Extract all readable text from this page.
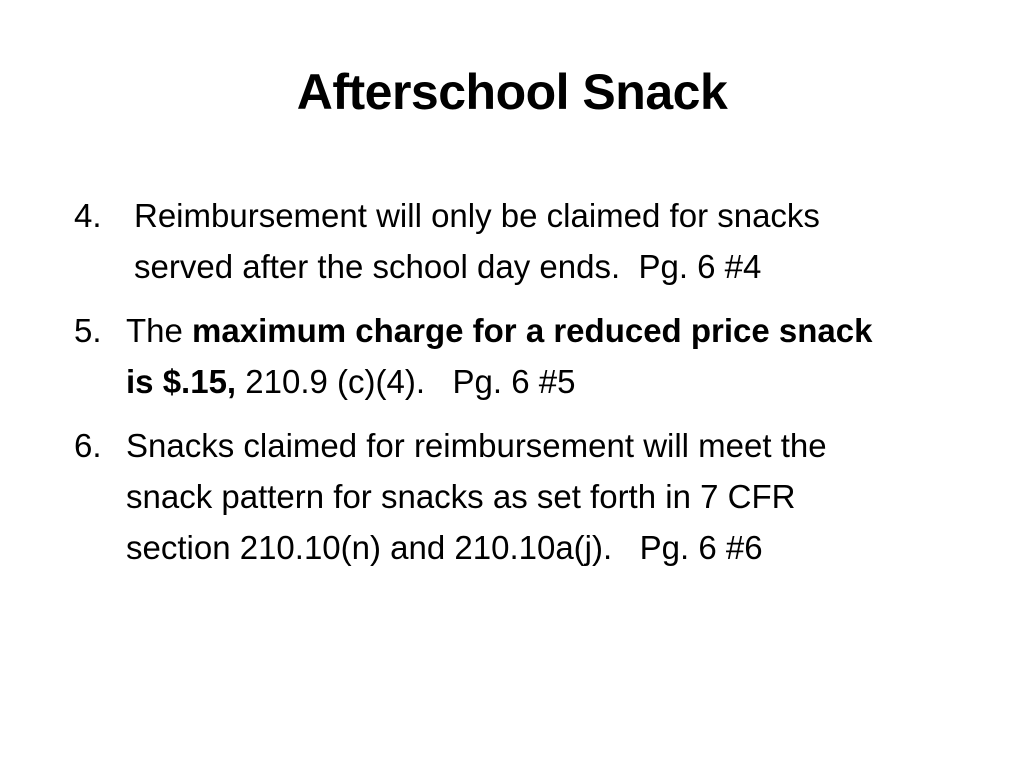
Afterschool Snack
4. Reimbursement will only be claimed for snacks
served after the school day ends.  Pg. 6 #4
5. The maximum charge for a reduced price snack
is $.15, 210.9 (c)(4).   Pg. 6 #5
6. Snacks claimed for reimbursement will meet the
snack pattern for snacks as set forth in 7 CFR
section 210.10(n) and 210.10a(j).   Pg. 6 #6
